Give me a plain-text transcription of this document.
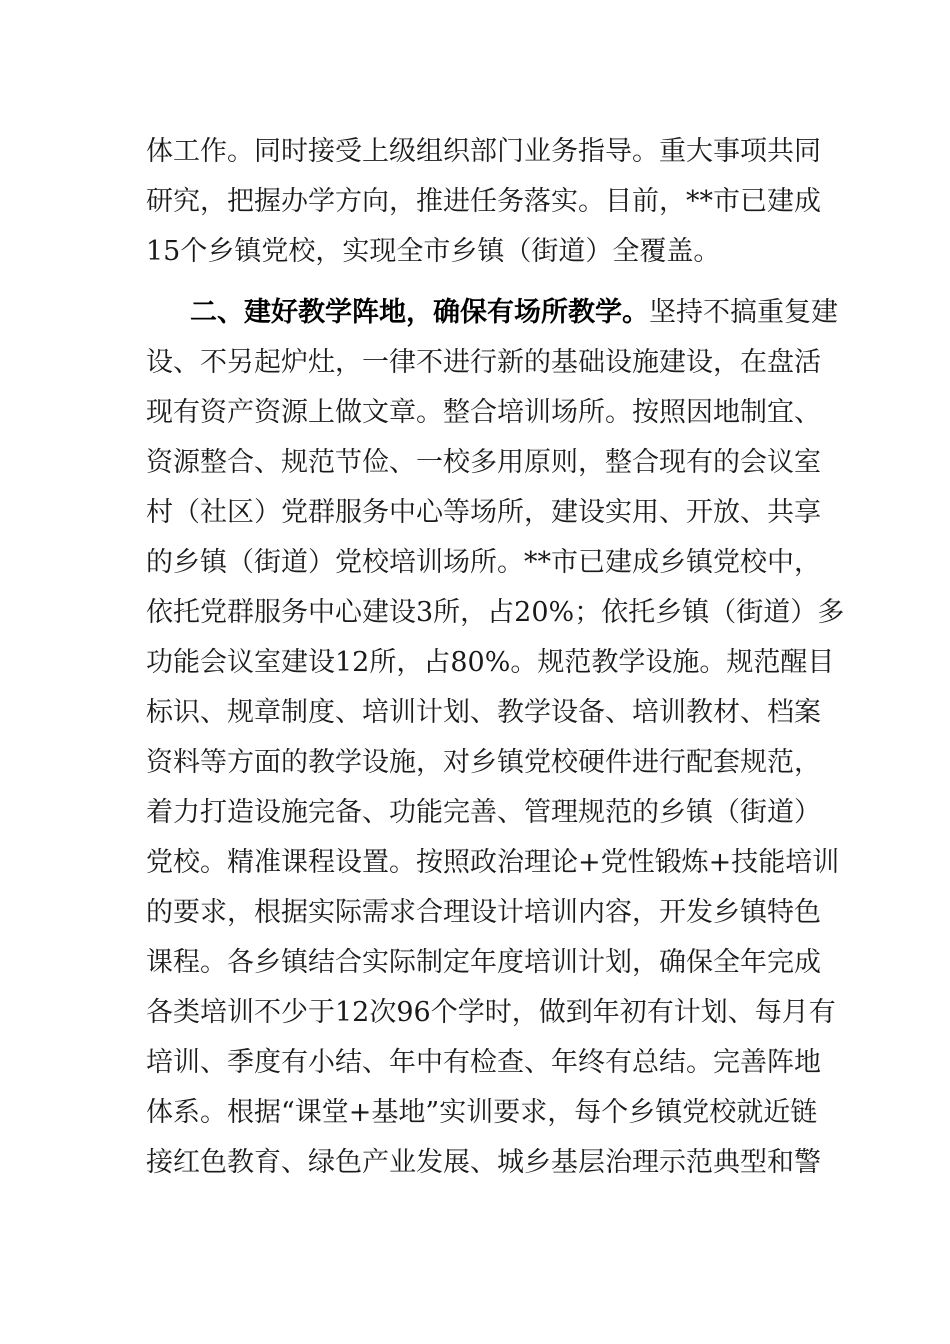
体工作。同时接受上级组织部门业务指导。重大事项共同
研究，把握办学方向，推进任务落实。目前，**市已建成
15个乡镇党校，实现全市乡镇（街道）全覆盖。
二、建好教学阵地，确保有场所教学。坚持不搞重复建
设、不另起炉灶，一律不进行新的基础设施建设，在盘活
现有资产资源上做文章。整合培训场所。按照因地制宜、
资源整合、规范节俭、一校多用原则，整合现有的会议室
村（社区）党群服务中心等场所，建设实用、开放、共享
的乡镇（街道）党校培训场所。**市已建成乡镇党校中，
依托党群服务中心建设3所，占20%；依托乡镇（街道）多
功能会议室建设12所，占80%。规范教学设施。规范醒目
标识、规章制度、培训计划、教学设备、培训教材、档案
资料等方面的教学设施，对乡镇党校硬件进行配套规范，
着力打造设施完备、功能完善、管理规范的乡镇（街道）
党校。精准课程设置。按照政治理论+党性锻炼+技能培训
的要求，根据实际需求合理设计培训内容，开发乡镇特色
课程。各乡镇结合实际制定年度培训计划，确保全年完成
各类培训不少于12次96个学时，做到年初有计划、每月有
培训、季度有小结、年中有检查、年终有总结。完善阵地
体系。根据“课堂+基地”实训要求，每个乡镇党校就近链
接红色教育、绿色产业发展、城乡基层治理示范典型和警
